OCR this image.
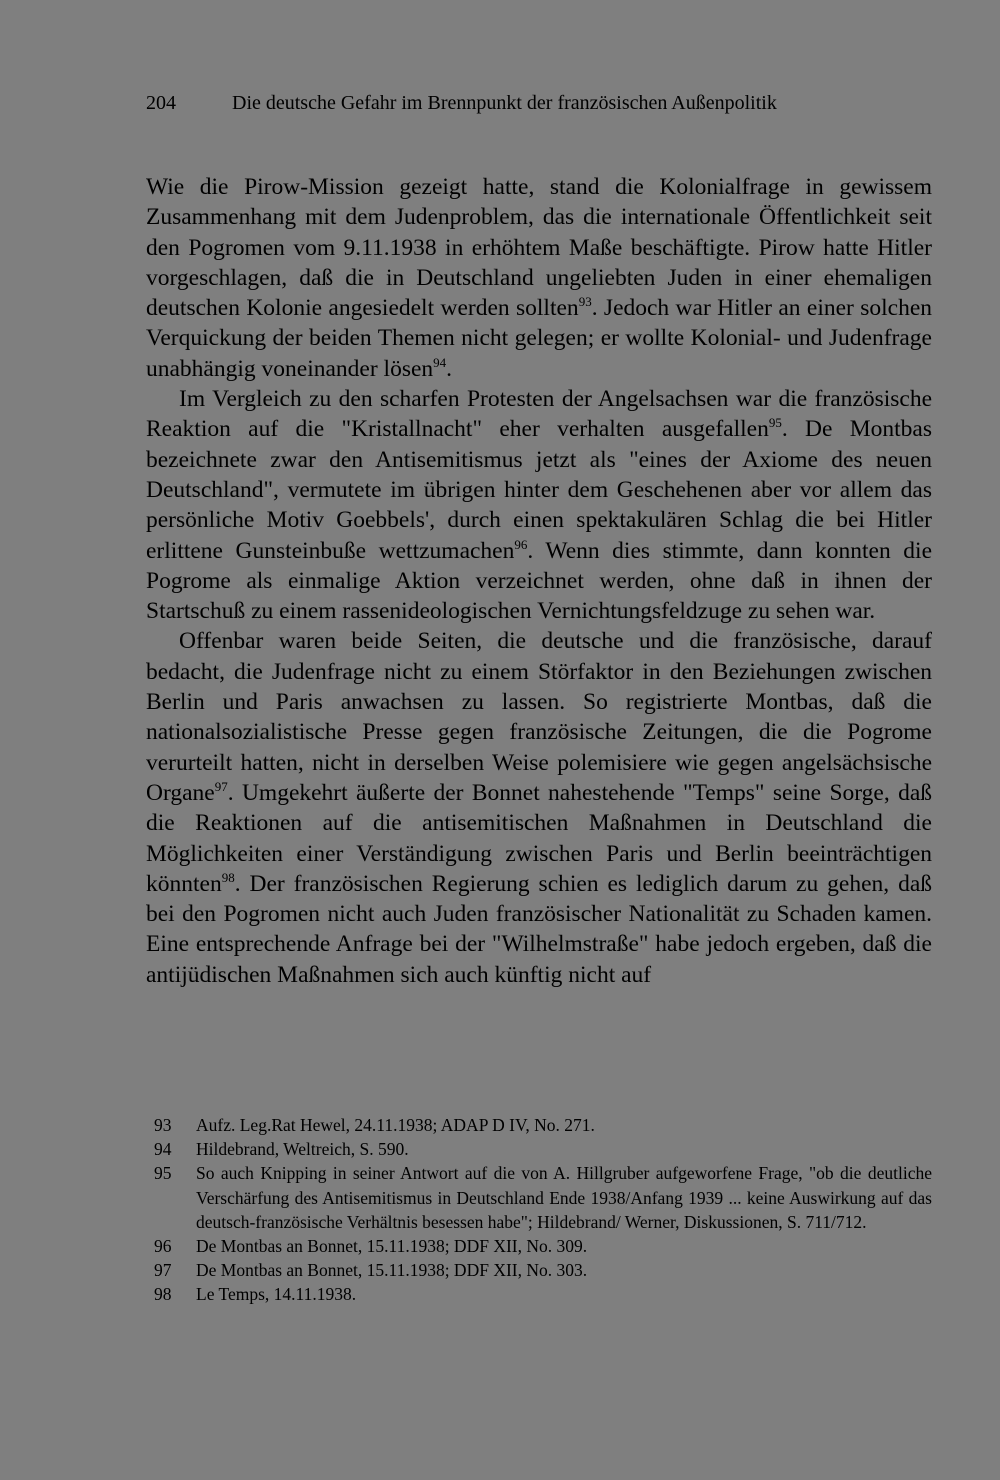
204	Die deutsche Gefahr im Brennpunkt der französischen Außenpolitik

Wie die Pirow-Mission gezeigt hatte, stand die Kolonialfrage in gewissem Zusammenhang mit dem Judenproblem, das die internationale Öffentlichkeit seit den Pogromen vom 9.11.1938 in erhöhtem Maße beschäftigte. Pirow hatte Hitler vorgeschlagen, daß die in Deutschland ungeliebten Juden in einer ehemaligen deutschen Kolonie angesiedelt werden sollten$^{93}$. Jedoch war Hitler an einer solchen Verquickung der beiden Themen nicht gelegen; er wollte Kolonial- und Judenfrage unabhängig voneinander lösen$^{94}$.

Im Vergleich zu den scharfen Protesten der Angelsachsen war die französische Reaktion auf die "Kristallnacht" eher verhalten ausgefallen$^{95}$. De Montbas bezeichnete zwar den Antisemitismus jetzt als "eines der Axiome des neuen Deutschland", vermutete im übrigen hinter dem Geschehenen aber vor allem das persönliche Motiv Goebbels', durch einen spektakulären Schlag die bei Hitler erlittene Gunsteinbuße wettzumachen$^{96}$. Wenn dies stimmte, dann konnten die Pogrome als einmalige Aktion verzeichnet werden, ohne daß in ihnen der Startschuß zu einem rassenideologischen Vernichtungsfeldzuge zu sehen war.

Offenbar waren beide Seiten, die deutsche und die französische, darauf bedacht, die Judenfrage nicht zu einem Störfaktor in den Beziehungen zwischen Berlin und Paris anwachsen zu lassen. So registrierte Montbas, daß die nationalsozialistische Presse gegen französische Zeitungen, die die Pogrome verurteilt hatten, nicht in derselben Weise polemisiere wie gegen angelsächsische Organe$^{97}$. Umgekehrt äußerte der Bonnet nahestehende "Temps" seine Sorge, daß die Reaktionen auf die antisemitischen Maßnahmen in Deutschland die Möglichkeiten einer Verständigung zwischen Paris und Berlin beeinträchtigen könnten$^{98}$. Der französischen Regierung schien es lediglich darum zu gehen, daß bei den Pogromen nicht auch Juden französischer Nationalität zu Schaden kamen. Eine entsprechende Anfrage bei der "Wilhelmstraße" habe jedoch ergeben, daß die antijüdischen Maßnahmen sich auch künftig nicht auf

93	Aufz. Leg.Rat Hewel, 24.11.1938; ADAP D IV, No. 271.
94	Hildebrand, Weltreich, S. 590.
95	So auch Knipping in seiner Antwort auf die von A. Hillgruber aufgeworfene Frage, "ob die deutliche Verschärfung des Antisemitismus in Deutschland Ende 1938/Anfang 1939 ... keine Auswirkung auf das deutsch-französische Verhältnis besessen habe"; Hildebrand/ Werner, Diskussionen, S. 711/712.
96	De Montbas an Bonnet, 15.11.1938; DDF XII, No. 309.
97	De Montbas an Bonnet, 15.11.1938; DDF XII, No. 303.
98	Le Temps, 14.11.1938.
